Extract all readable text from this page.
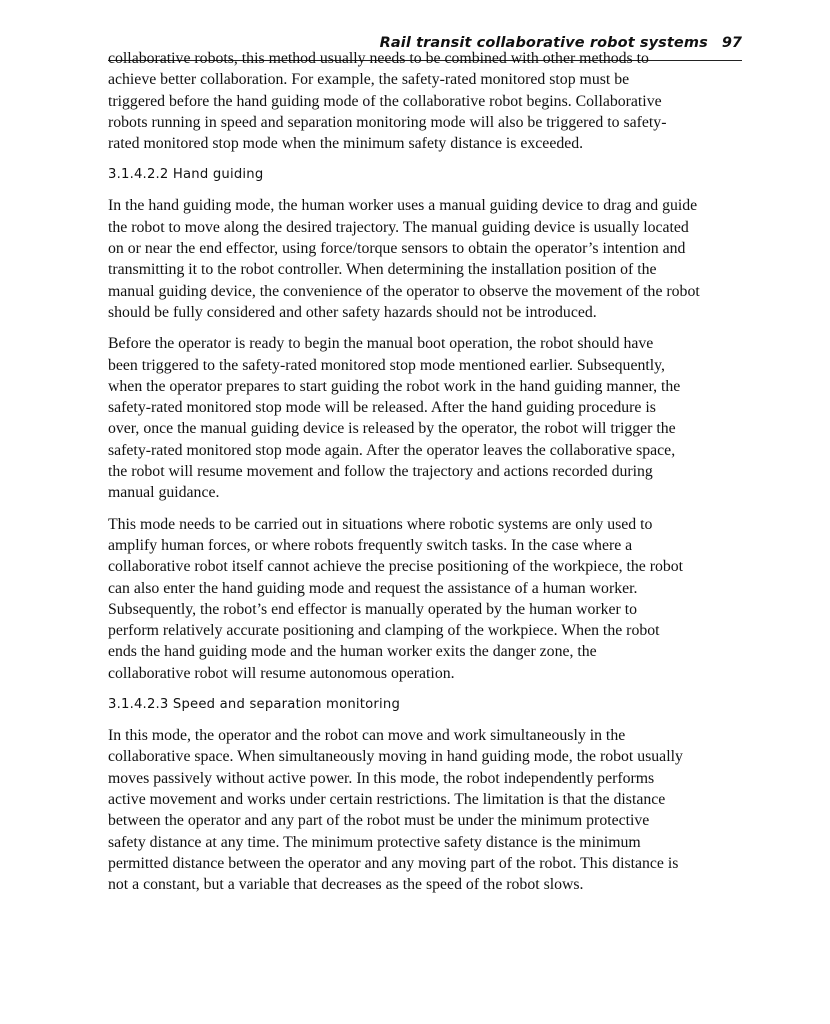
Rail transit collaborative robot systems 97

collaborative robots, this method usually needs to be combined with other methods to
achieve better collaboration. For example, the safety-rated monitored stop must be
triggered before the hand guiding mode of the collaborative robot begins. Collaborative
robots running in speed and separation monitoring mode will also be triggered to safety-
rated monitored stop mode when the minimum safety distance is exceeded.

3.1.4.2.2 Hand guiding

In the hand guiding mode, the human worker uses a manual guiding device to drag and guide
the robot to move along the desired trajectory. The manual guiding device is usually located
on or near the end effector, using force/torque sensors to obtain the operator’s intention and
transmitting it to the robot controller. When determining the installation position of the
manual guiding device, the convenience of the operator to observe the movement of the robot
should be fully considered and other safety hazards should not be introduced.

Before the operator is ready to begin the manual boot operation, the robot should have
been triggered to the safety-rated monitored stop mode mentioned earlier. Subsequently,
when the operator prepares to start guiding the robot work in the hand guiding manner, the
safety-rated monitored stop mode will be released. After the hand guiding procedure is
over, once the manual guiding device is released by the operator, the robot will trigger the
safety-rated monitored stop mode again. After the operator leaves the collaborative space,
the robot will resume movement and follow the trajectory and actions recorded during
manual guidance.

This mode needs to be carried out in situations where robotic systems are only used to
amplify human forces, or where robots frequently switch tasks. In the case where a
collaborative robot itself cannot achieve the precise positioning of the workpiece, the robot
can also enter the hand guiding mode and request the assistance of a human worker.
Subsequently, the robot’s end effector is manually operated by the human worker to
perform relatively accurate positioning and clamping of the workpiece. When the robot
ends the hand guiding mode and the human worker exits the danger zone, the
collaborative robot will resume autonomous operation.

3.1.4.2.3 Speed and separation monitoring

In this mode, the operator and the robot can move and work simultaneously in the
collaborative space. When simultaneously moving in hand guiding mode, the robot usually
moves passively without active power. In this mode, the robot independently performs
active movement and works under certain restrictions. The limitation is that the distance
between the operator and any part of the robot must be under the minimum protective
safety distance at any time. The minimum protective safety distance is the minimum
permitted distance between the operator and any moving part of the robot. This distance is
not a constant, but a variable that decreases as the speed of the robot slows.
